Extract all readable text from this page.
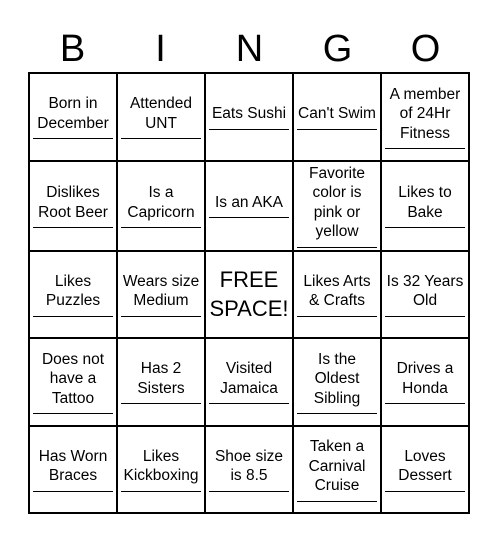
B	I	N	G	O
Born in December
Attended UNT
Eats Sushi Can't Swim
A member of 24Hr Fitness
Dislikes Root Beer
Is a Capricorn
Is an AKA
Favorite color is pink or yellow
Likes to Bake
Likes Puzzles
Wears size Medium
FREE SPACE!
Likes Arts & Crafts
Is 32 Years Old
Does not have a Tattoo
Has 2 Sisters
Visited Jamaica
Is the Oldest Sibling
Drives a Honda
Has Worn Braces
Likes Kickboxing
Shoe size is 8.5
Taken a Carnival Cruise
Loves Dessert
